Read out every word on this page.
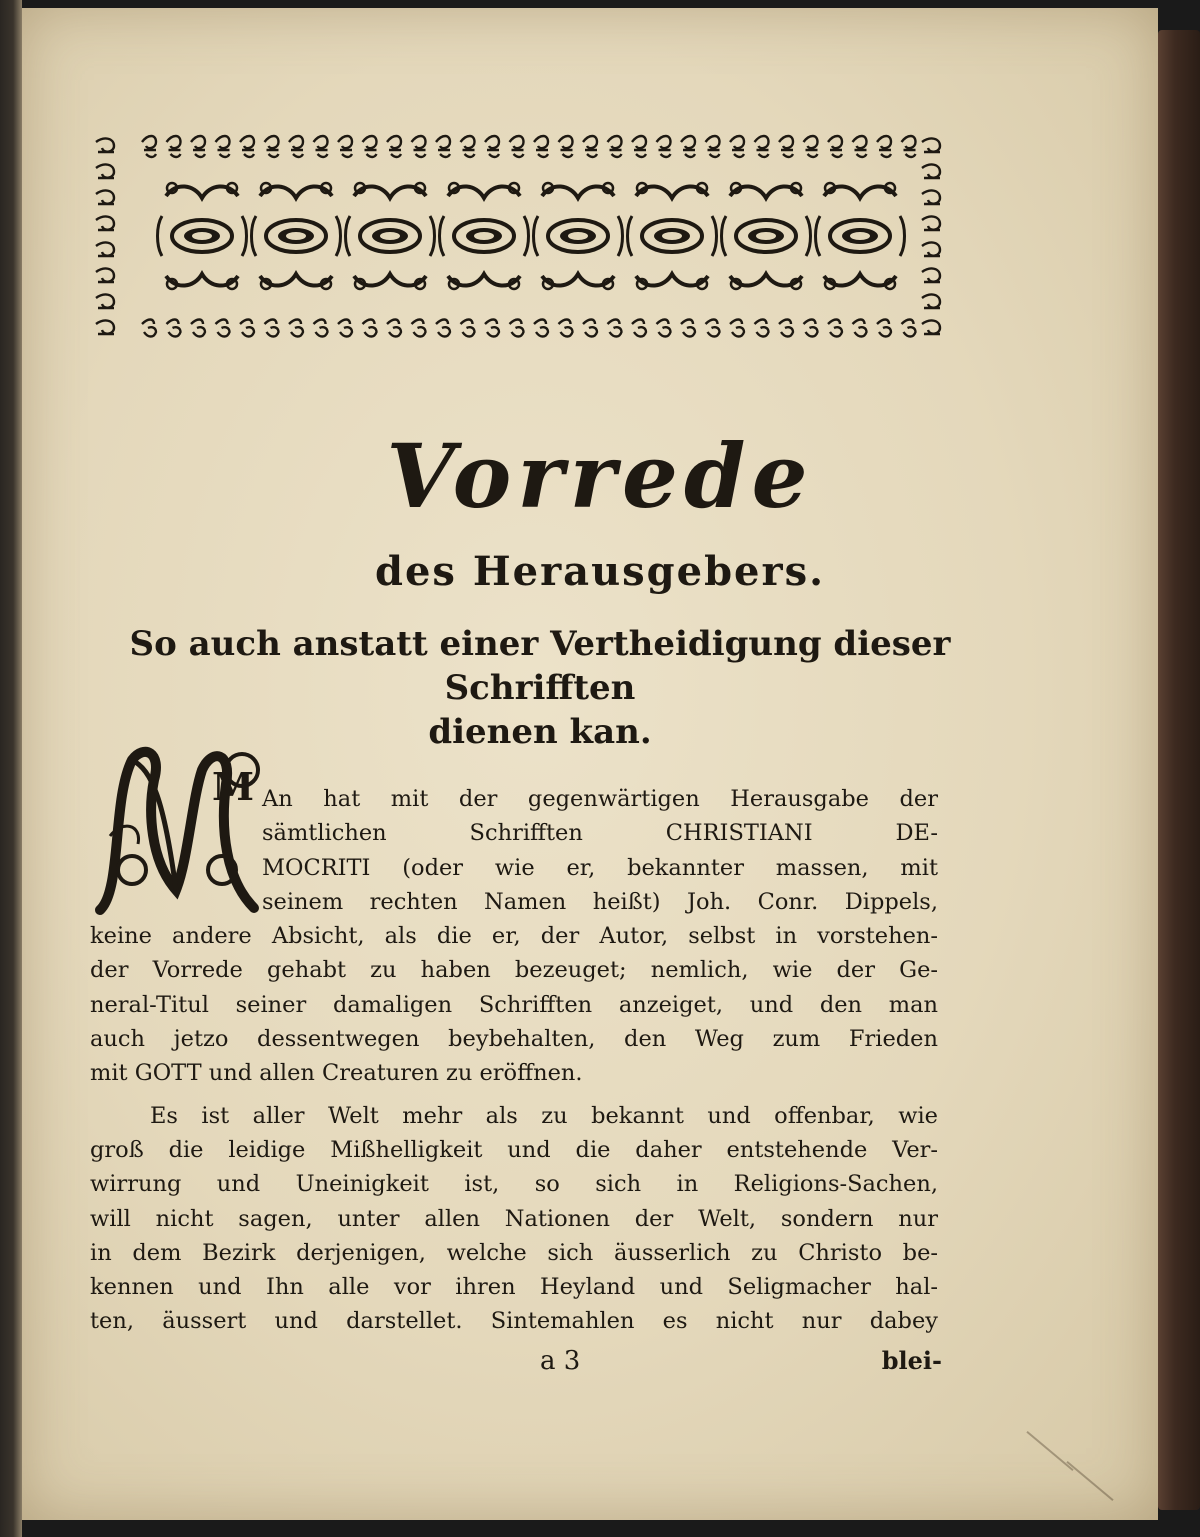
Vorrede
des Herausgebers.
So auch anstatt einer Vertheidigung dieser Schrifften
dienen kan.
M An hat mit der gegenwärtigen Herausgabe der
sämtlichen Schrifften CHRISTIANI DE-
MOCRITI (oder wie er, bekannter massen, mit
seinem rechten Namen heißt) Joh. Conr. Dippels,
keine andere Absicht, als die er, der Autor, selbst in vorstehen-
der Vorrede gehabt zu haben bezeuget; nemlich, wie der Ge-
neral-Titul seiner damaligen Schrifften anzeiget, und den man
auch jetzo dessentwegen beybehalten, den Weg zum Frieden
mit GOTT und allen Creaturen zu eröffnen.
Es ist aller Welt mehr als zu bekannt und offenbar, wie
groß die leidige Mißhelligkeit und die daher entstehende Ver-
wirrung und Uneinigkeit ist, so sich in Religions-Sachen,
will nicht sagen, unter allen Nationen der Welt, sondern nur
in dem Bezirk derjenigen, welche sich äusserlich zu Christo be-
kennen und Ihn alle vor ihren Heyland und Seligmacher hal-
ten, äussert und darstellet. Sintemahlen es nicht nur dabey
a 3	blei-
